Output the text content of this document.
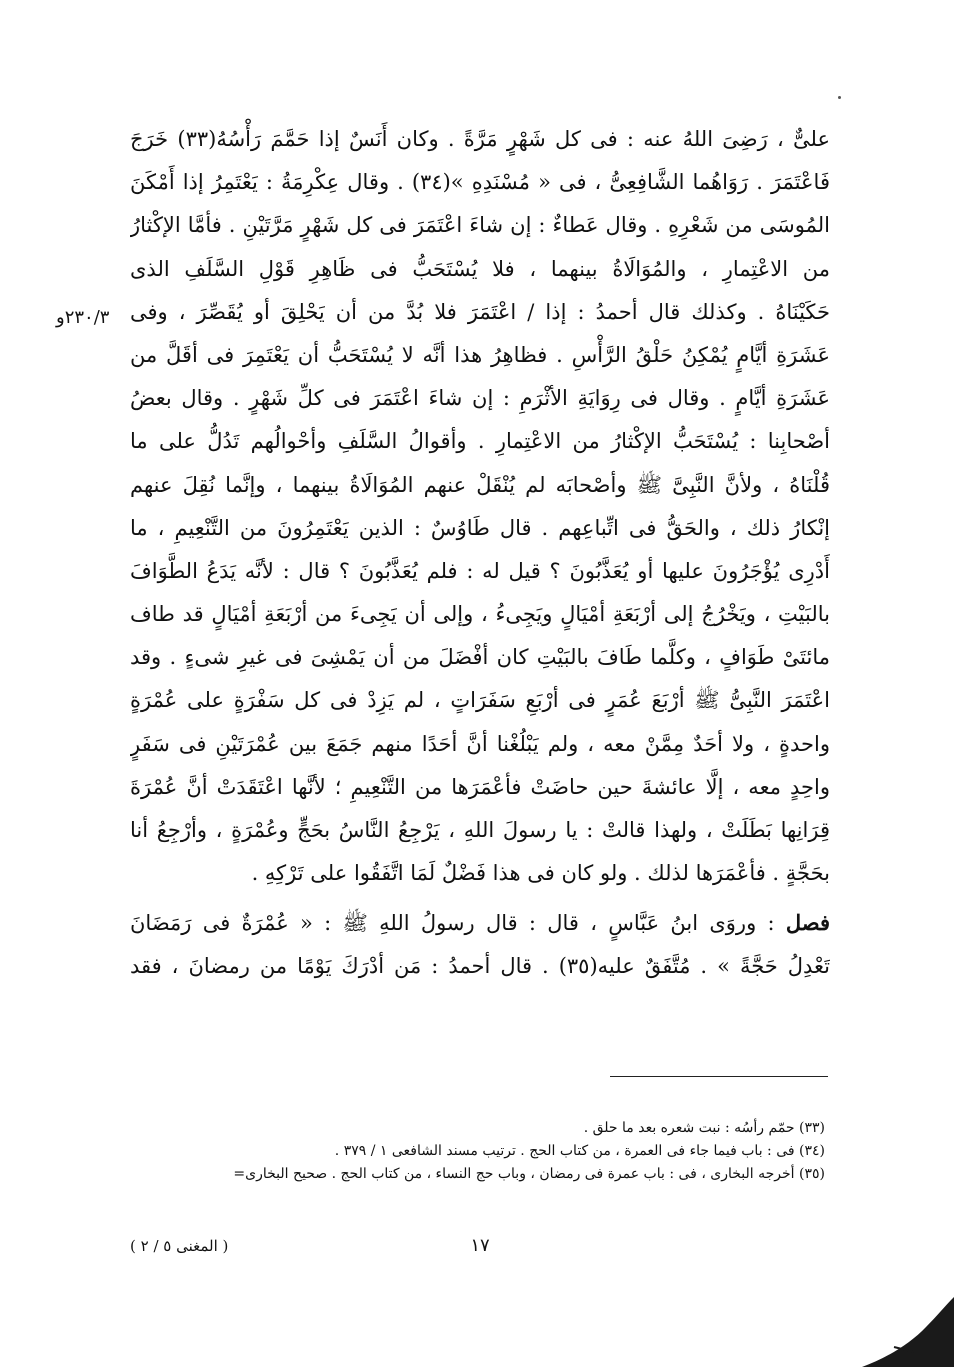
٢٣٠/٣و
علىٌّ ، رَضِىَ اللهُ عنه : فى كل شَهْرٍ مَرَّةً . وكان أَنَسٌ إذا حَمَّمَ رَأْسُهُ(٣٣) خَرَجَ
فَاعْتَمَرَ . رَوَاهُما الشَّافِعِىُّ ، فى « مُسْنَدِهِ »(٣٤) . وقال عِكْرِمَةُ : يَعْتَمِرُ إذا أَمْكَنَ
المُوسَى من شَعْرِهِ . وقال عَطاءٌ : إن شاءَ اعْتَمَرَ فى كل شَهْرٍ مَرَّتَيْنِ . فأمَّا الإكْثارُ
من الاعْتِمارِ ، والمُوَالَاةُ بينهما ، فلا يُسْتَحَبُّ فى ظَاهِرِ قَوْلِ السَّلَفِ الذى
حَكَيْنَاهُ . وكذلك قال أحمدُ : إذا / اعْتَمَرَ فلا بُدَّ من أن يَحْلِقَ أو يُقَصِّرَ ، وفى
عَشَرَةِ أيَّامٍ يُمْكِنُ حَلْقُ الرَّأْسِ . فظاهِرُ هذا أنَّه لا يُسْتَحَبُّ أن يَعْتَمِرَ فى أقَلَّ من
عَشَرَةِ أيَّامٍ . وقال فى رِوَايَةِ الأثْرَمِ : إن شاءَ اعْتَمَرَ فى كلِّ شَهْرٍ . وقال بعضُ
أصْحابِنا : يُسْتَحَبُّ الإكْثارُ من الاعْتِمارِ . وأقوالُ السَّلَفِ وأحْوالُهم تَدُلُّ على ما
قُلْنَاهُ ، ولأنَّ النَّبِىَّ ﷺ وأصْحابَه لم يُنْقَلْ عنهم المُوَالَاةُ بينهما ، وإنَّما نُقِلَ عنهم
إنْكارُ ذلك ، والحَقُّ فى اتِّباعِهم . قال طَاوُسٌ : الذين يَعْتَمِرُونَ من التَّنْعِيمِ ، ما
أَدْرِى يُؤْجَرُونَ عليها أو يُعَذَّبُونَ ؟ قيل له : فلم يُعَذَّبُونَ ؟ قال : لأنَّه يَدَعُ الطَّوَافَ
بالبَيْتِ ، ويَخْرُجُ إلى أرْبَعَةِ أمْيَالٍ ويَجِىءُ ، وإلى أن يَجِىءَ من أرْبَعَةِ أمْيَالٍ قد طاف
مائتَىْ طَوَافٍ ، وكلَّما طَافَ بالبَيْتِ كان أفْضَلَ من أن يَمْشِىَ فى غيرِ شىءٍ . وقد
اعْتَمَرَ النَّبِىُّ ﷺ أرْبَعَ عُمَرٍ فى أرْبَعِ سَفَرَاتٍ ، لم يَزِدْ فى كل سَفْرَةٍ على عُمْرَةٍ
واحدةٍ ، ولا أحَدٌ مِمَّنْ معه ، ولم يَبْلُغْنا أنَّ أحَدًا منهم جَمَعَ بين عُمْرَتَيْنِ فى سَفَرٍ
واحِدٍ معه ، إلَّا عائشةَ حين حاضَتْ فأعْمَرَها من التَّنْعِيمِ ؛ لأنَّها اعْتَقَدَتْ أنَّ عُمْرَةَ
قِرَانِها بَطَلَتْ ، ولهذا قالتْ : يا رسولَ اللهِ ، يَرْجِعُ النَّاسُ بحَجٍّ وعُمْرَةٍ ، وأرْجِعُ أنا
بحَجَّةٍ . فأعْمَرَها لذلك . ولو كان فى هذا فَضْلٌ لَمَا اتَّفَقُوا على تَرْكِهِ .
فصل : وروَى ابنُ عَبَّاسٍ ، قال : قال رسولُ اللهِ ﷺ : « عُمْرَةٌ فى رَمَضَانَ
تَعْدِلُ حَجَّةً » . مُتَّفَقٌ عليه(٣٥) . قال أحمدُ : مَن أدْرَكَ يَوْمًا من رمضانَ ، فقد
(٣٣) حمّم رأسُه : نبت شعره بعد ما حلق .
(٣٤) فى : باب فيما جاء فى العمرة ، من كتاب الحج . ترتيب مسند الشافعى ١ / ٣٧٩ .
(٣٥) أخرجه البخارى ، فى : باب عمرة فى رمضان ، وباب حج النساء ، من كتاب الحج . صحيح البخارى=
١٧
( المغنى ٥ / ٢ )
